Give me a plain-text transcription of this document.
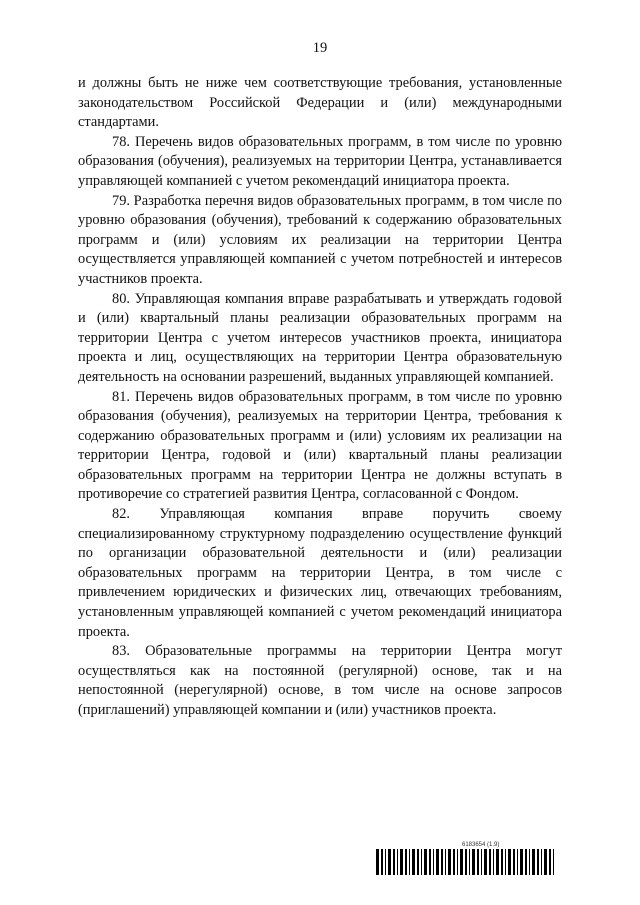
19

и должны быть не ниже чем соответствующие требования, установленные законодательством Российской Федерации и (или) международными стандартами.

78. Перечень видов образовательных программ, в том числе по уровню образования (обучения), реализуемых на территории Центра, устанавливается управляющей компанией с учетом рекомендаций инициатора проекта.

79. Разработка перечня видов образовательных программ, в том числе по уровню образования (обучения), требований к содержанию образовательных программ и (или) условиям их реализации на территории Центра осуществляется управляющей компанией с учетом потребностей и интересов участников проекта.

80. Управляющая компания вправе разрабатывать и утверждать годовой и (или) квартальный планы реализации образовательных программ на территории Центра с учетом интересов участников проекта, инициатора проекта и лиц, осуществляющих на территории Центра образовательную деятельность на основании разрешений, выданных управляющей компанией.

81. Перечень видов образовательных программ, в том числе по уровню образования (обучения), реализуемых на территории Центра, требования к содержанию образовательных программ и (или) условиям их реализации на территории Центра, годовой и (или) квартальный планы реализации образовательных программ на территории Центра не должны вступать в противоречие со стратегией развития Центра, согласованной с Фондом.

82. Управляющая компания вправе поручить своему специализированному структурному подразделению осуществление функций по организации образовательной деятельности и (или) реализации образовательных программ на территории Центра, в том числе с привлечением юридических и физических лиц, отвечающих требованиям, установленным управляющей компанией с учетом рекомендаций инициатора проекта.

83. Образовательные программы на территории Центра могут осуществляться как на постоянной (регулярной) основе, так и на непостоянной (нерегулярной) основе, в том числе на основе запросов (приглашений) управляющей компании и (или) участников проекта.

6183654 (1.9)
